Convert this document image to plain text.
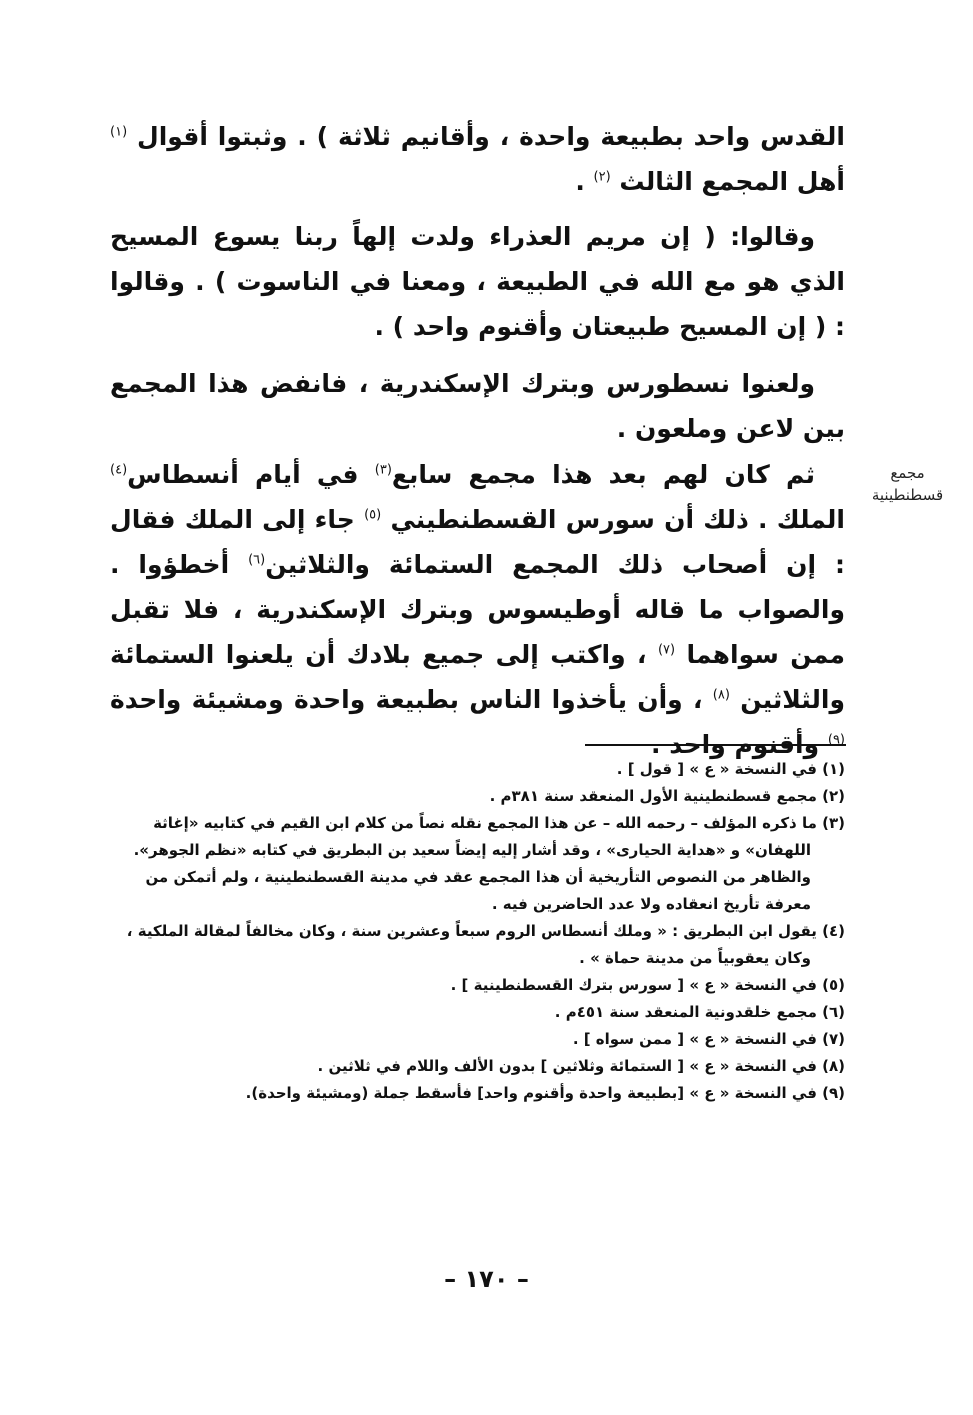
القدس واحد بطبيعة واحدة ، وأقانيم ثلاثة ) . وثبتوا أقوال $^{(١)}$ أهل المجمع الثالث $^{(٢)}$ .

وقالوا: ( إن مريم العذراء ولدت إلهاً ربنا يسوع المسيح الذي هو مع الله في الطبيعة ، ومعنا في الناسوت ) . وقالوا : ( إن المسيح طبيعتان وأقنوم واحد ) .

ولعنوا نسطورس وبترك الإسكندرية ، فانفض هذا المجمع بين لاعن وملعون .

ثم كان لهم بعد هذا مجمع سابع$^{(٣)}$ في أيام أنسطاس$^{(٤)}$ الملك . ذلك أن سورس القسطنطيني $^{(٥)}$ جاء إلى الملك فقال : إن أصحاب ذلك المجمع الستمائة والثلاثين$^{(٦)}$ أخطؤوا . والصواب ما قاله أوطيسوس وبترك الإسكندرية ، فلا تقبل ممن سواهما $^{(٧)}$ ، واكتب إلى جميع بلادك أن يلعنوا الستمائة والثلاثين $^{(٨)}$ ، وأن يأخذوا الناس بطبيعة واحدة ومشيئة واحدة $^{(٩)}$ وأقنوم واحد .

مجمع
قسطنطينية

(١) في النسخة « ع » [ قول ] .

(٢) مجمع قسطنطينية الأول المنعقد سنة ٣٨١م .

(٣) ما ذكره المؤلف – رحمه الله – عن هذا المجمع نقله نصاً من كلام ابن القيم في كتابيه «إغاثة اللهفان» و «هداية الحيارى» ، وقد أشار إليه إيضاً سعيد بن البطريق في كتابه «نظم الجوهر». والظاهر من النصوص التأريخية أن هذا المجمع عقد في مدينة القسطنطينية ، ولم أتمكن من معرفة تأريخ انعقاده ولا عدد الحاضرين فيه .

(٤) يقول ابن البطريق : « وملك أنسطاس الروم سبعاً وعشرين سنة ، وكان مخالفاً لمقالة الملكية ، وكان يعقوبياً من مدينة حماة » .

(٥) في النسخة « ع » [ سورس بترك القسطنطينية ] .

(٦) مجمع خلقدونية المنعقد سنة ٤٥١م .

(٧) في النسخة « ع » [ ممن سواه ] .

(٨) في النسخة « ع » [ الستمائة وثلاثين ] بدون الألف واللام في ثلاثين .

(٩) في النسخة « ع » [بطبيعة واحدة وأقنوم واحد] فأسقط جملة (ومشيئة واحدة).

– ١٧٠ –
